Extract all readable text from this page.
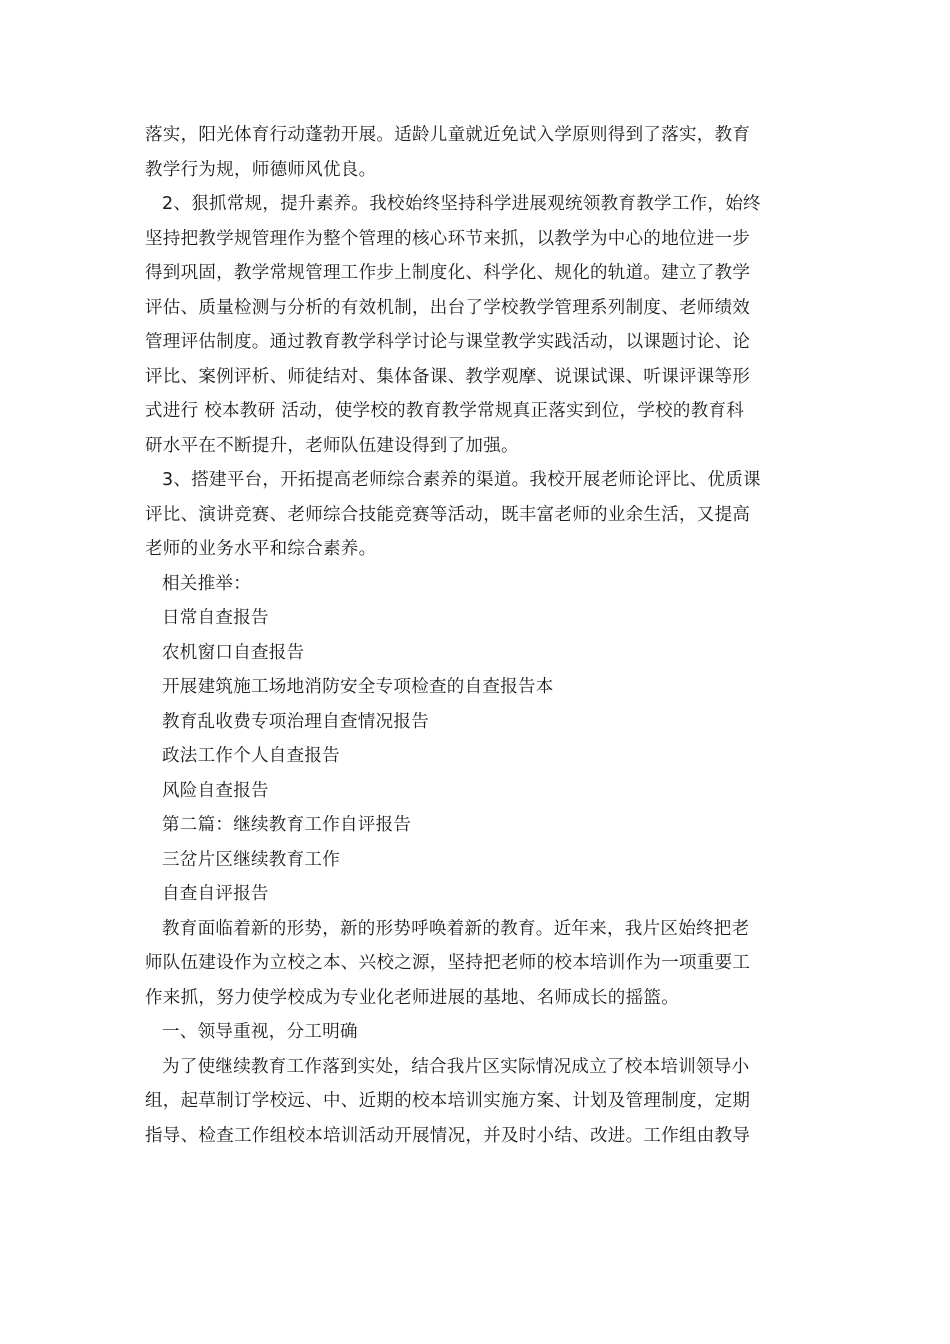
落实，阳光体育行动蓬勃开展。适龄儿童就近免试入学原则得到了落实，教育
教学行为规，师德师风优良。
2、狠抓常规，提升素养。我校始终坚持科学进展观统领教育教学工作，始终
坚持把教学规管理作为整个管理的核心环节来抓，以教学为中心的地位进一步
得到巩固，教学常规管理工作步上制度化、科学化、规化的轨道。建立了教学
评估、质量检测与分析的有效机制，出台了学校教学管理系列制度、老师绩效
管理评估制度。通过教育教学科学讨论与课堂教学实践活动，以课题讨论、论
评比、案例评析、师徒结对、集体备课、教学观摩、说课试课、听课评课等形
式进行 校本教研 活动，使学校的教育教学常规真正落实到位，学校的教育科
研水平在不断提升，老师队伍建设得到了加强。
3、搭建平台，开拓提高老师综合素养的渠道。我校开展老师论评比、优质课
评比、演讲竞赛、老师综合技能竞赛等活动，既丰富老师的业余生活，又提高
老师的业务水平和综合素养。
相关推举：
日常自查报告
农机窗口自查报告
开展建筑施工场地消防安全专项检查的自查报告本
教育乱收费专项治理自查情况报告
政法工作个人自查报告
风险自查报告
第二篇：继续教育工作自评报告
三岔片区继续教育工作
自查自评报告
教育面临着新的形势，新的形势呼唤着新的教育。近年来，我片区始终把老
师队伍建设作为立校之本、兴校之源，坚持把老师的校本培训作为一项重要工
作来抓，努力使学校成为专业化老师进展的基地、名师成长的摇篮。
一、领导重视，分工明确
为了使继续教育工作落到实处，结合我片区实际情况成立了校本培训领导小
组，起草制订学校远、中、近期的校本培训实施方案、计划及管理制度，定期
指导、检查工作组校本培训活动开展情况，并及时小结、改进。工作组由教导
